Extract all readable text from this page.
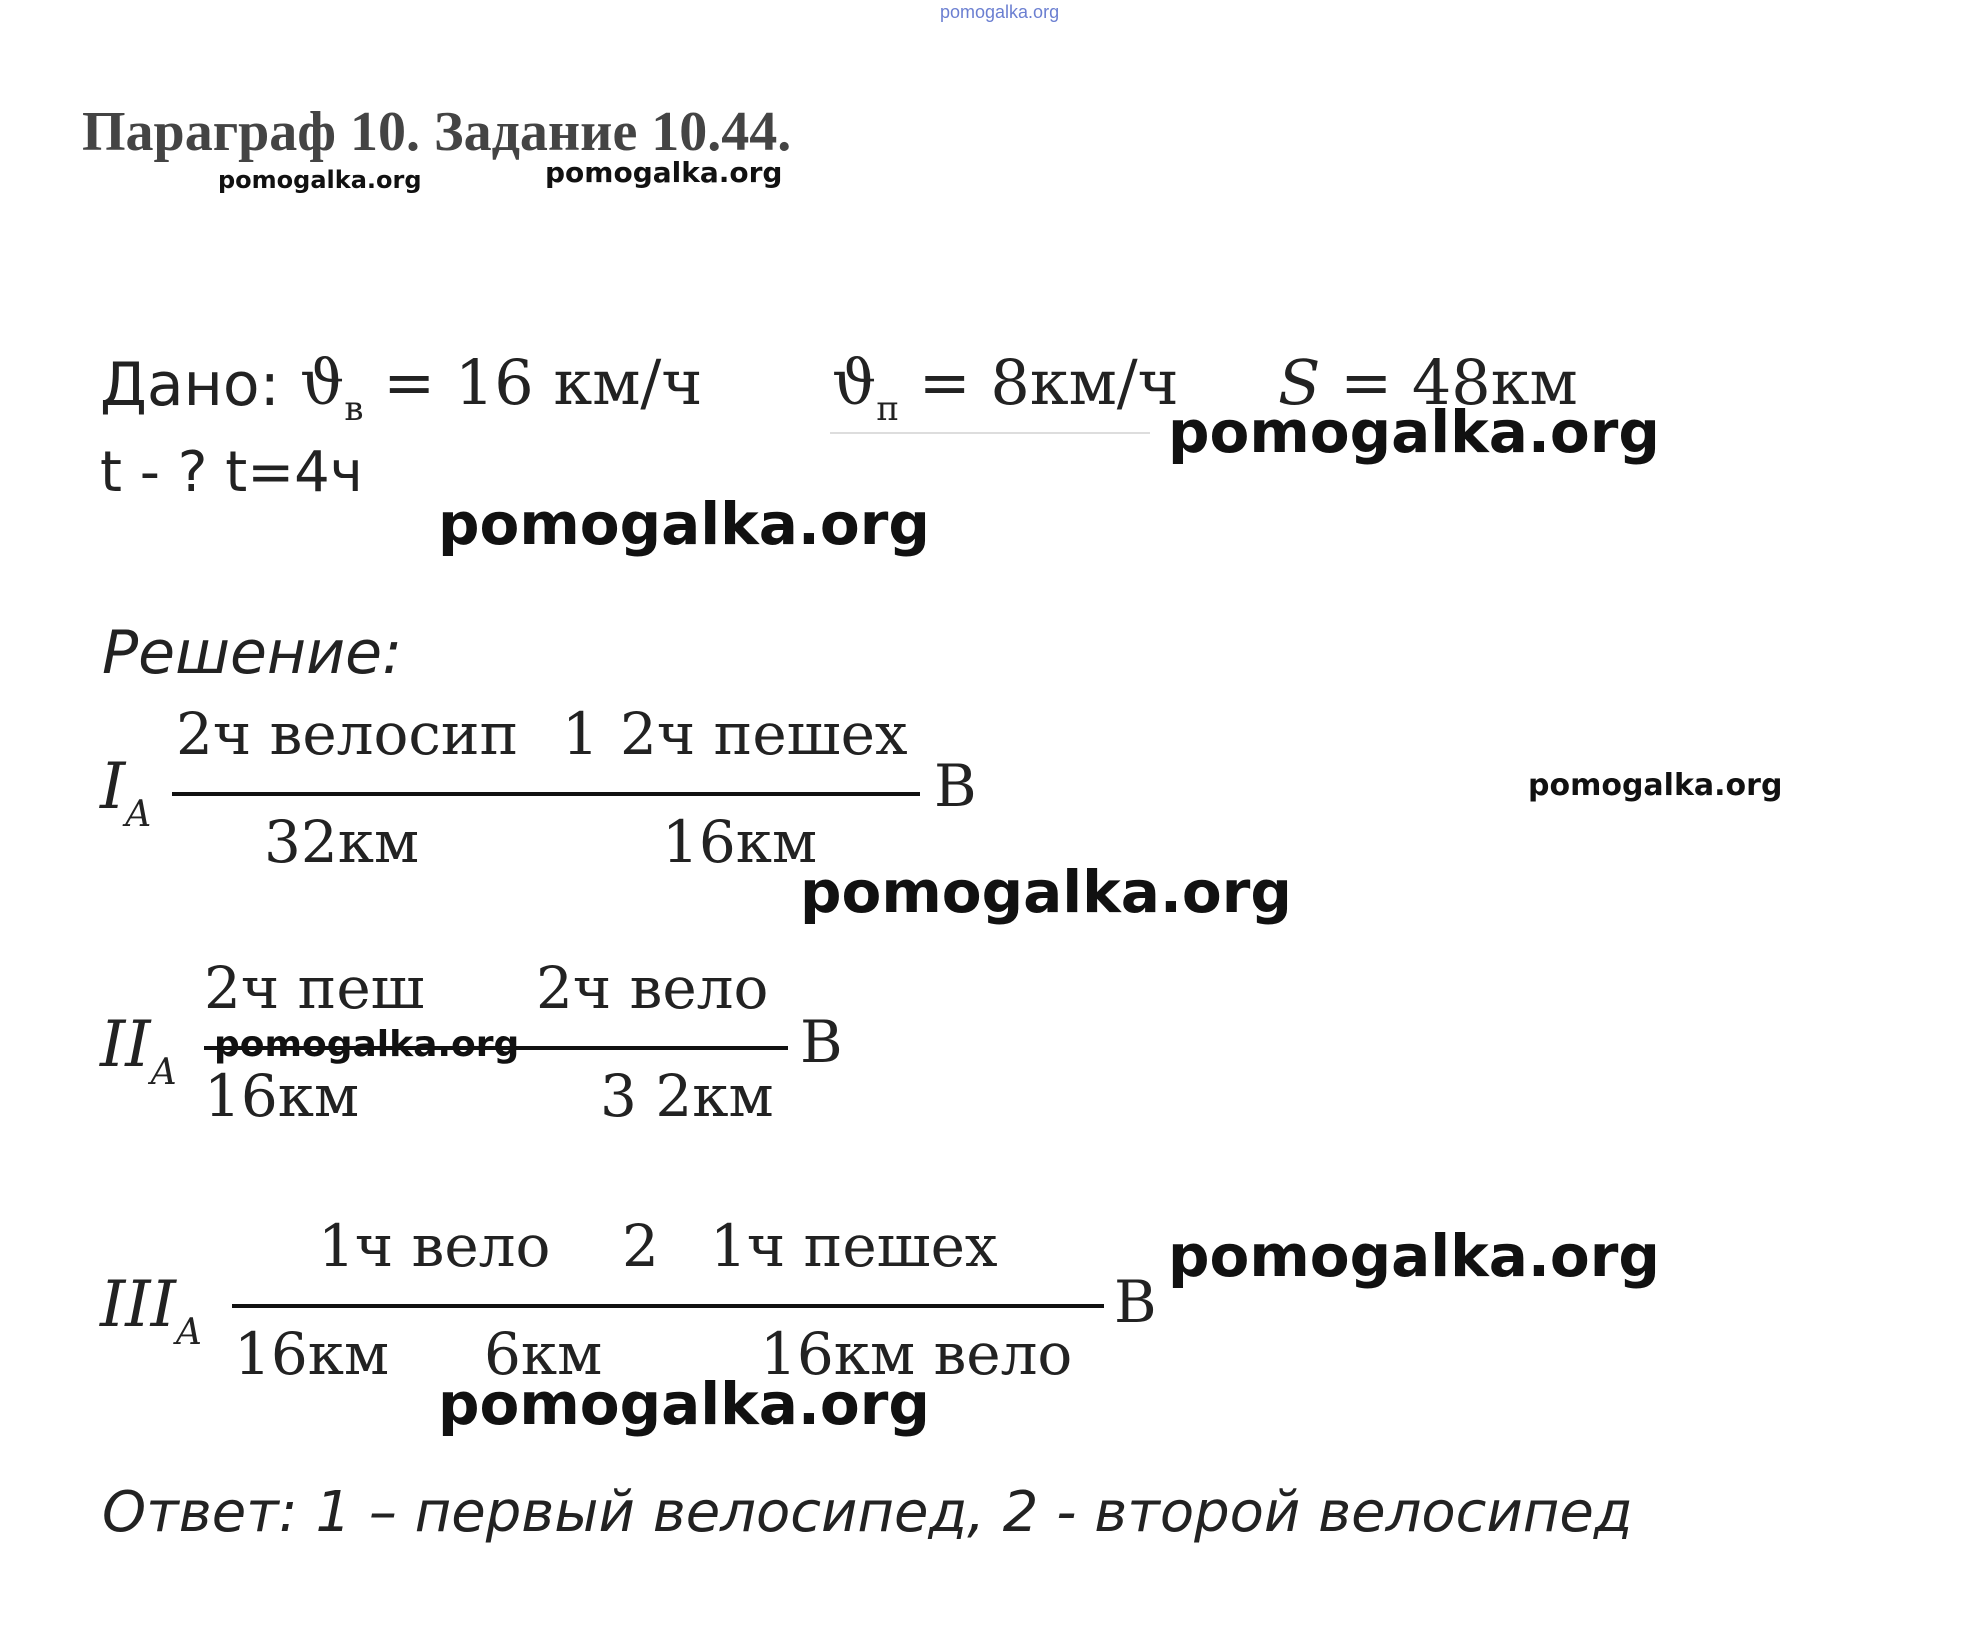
pomogalka.org
Параграф 10. Задание 10.44.
pomogalka.org	pomogalka.org
Дано: $ϑ_в = 16$ км/ч $ϑ_п = 8км/ч$ S = 48км
pomogalka.org
t - ? t=4ч
pomogalka.org
Решение:
$I_A$
2ч велосип 1 2ч пешех
32км	16км
B	pomogalka.org
pomogalka.org
$II_A$
2ч пеш 2ч вело
16км	3 2км
B
pomogalka.org
$III_A$
1ч вело 2 1ч пешех
16км 6км	16км вело
B
pomogalka.org
pomogalka.org
Ответ: 1 – первый велосипед, 2 - второй велосипед
